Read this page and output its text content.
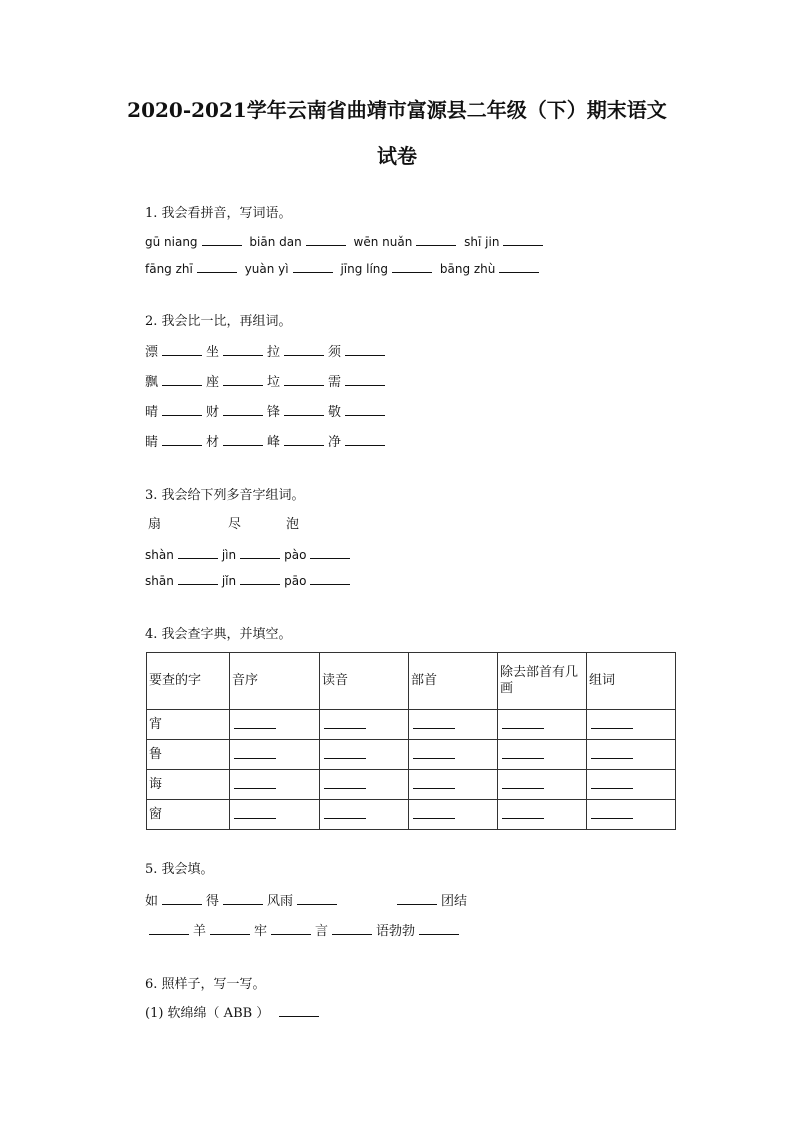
2020-2021学年云南省曲靖市富源县二年级（下）期末语文
试卷
1. 我会看拼音，写词语。
gū niang	biān dan	wēn nuǎn	shī jin
fāng zhī	yuàn yì	jīng líng	bāng zhù
2. 我会比一比，再组词。
漂	坐	拉	须
飘	座	垃	需
晴	财	锋	敬
睛	材	峰	净
3. 我会给下列多音字组词。
扇	尽	泡
shàn	jìn	pào
shān	jǐn	pāo
4. 我会查字典，并填空。
要查的字	音序	读音	部首	除去部首有几画	组词
宵					
鲁					
诲					
窗					
5. 我会填。
如	得	风雨	团结
羊	牢	言	语勃勃
6. 照样子，写一写。
(1) 软绵绵（ ABB ）
